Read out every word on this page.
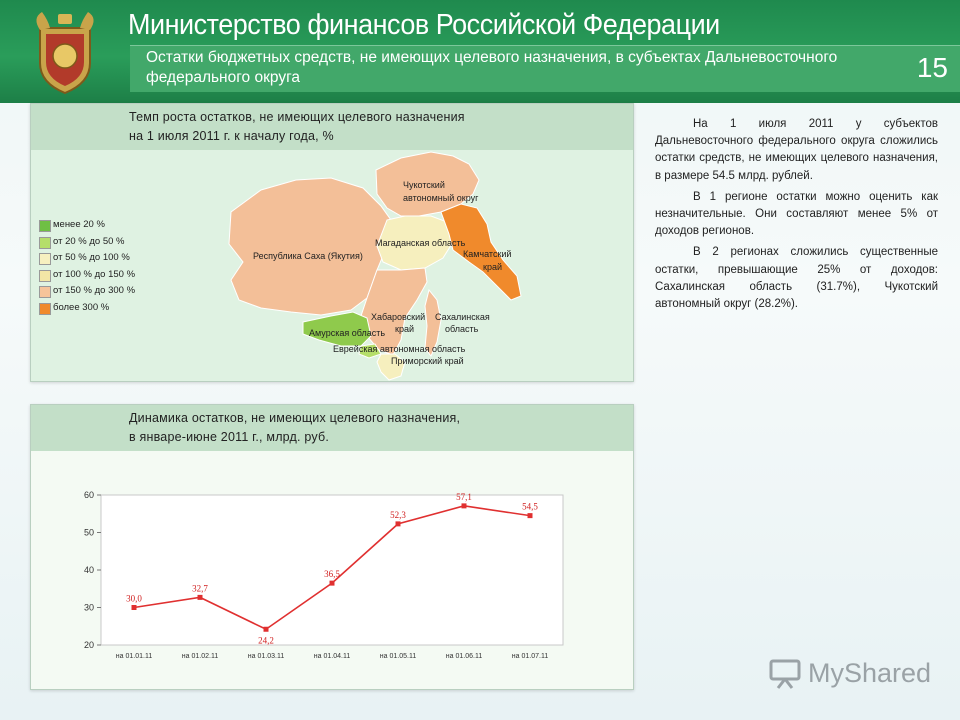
Министерство финансов Российской Федерации
Остатки бюджетных средств, не имеющих целевого назначения, в субъектах Дальневосточного федерального округа	15
Темп роста остатков, не имеющих целевого назначения
на 1 июля 2011 г. к началу года, %
менее 20 %
от 20 % до 50 %
от 50 % до 100 %
от 100 % до 150 %
от 150 % до 300 %
более 300 %
Чукотский
автономный округ
Республика Саха (Якутия)
Магаданская область
Камчатский
край
Хабаровский
край
Сахалинская
область
Амурская область
Еврейская автономная область
Приморский край
Динамика остатков, не имеющих целевого назначения,
в январе-июне 2011 г., млрд. руб.
20
30
40
50
60
на 01.01.11	на 01.02.11	на 01.03.11	на 01.04.11	на 01.05.11	на 01.06.11	на 01.07.11
30,0
32,7
24,2
36,5
52,3
57,1
54,5

На 1 июля 2011 у субъектов Дальневосточного федерального округа сложились остатки средств, не имеющих целевого назначения, в размере 54.5 млрд. рублей.

В 1 регионе остатки можно оценить как незначительные. Они составляют менее 5% от доходов регионов.

В 2 регионах сложились существенные остатки, превышающие 25% от доходов: Сахалинская область (31.7%), Чукотский автономный округ (28.2%).

MyShared
